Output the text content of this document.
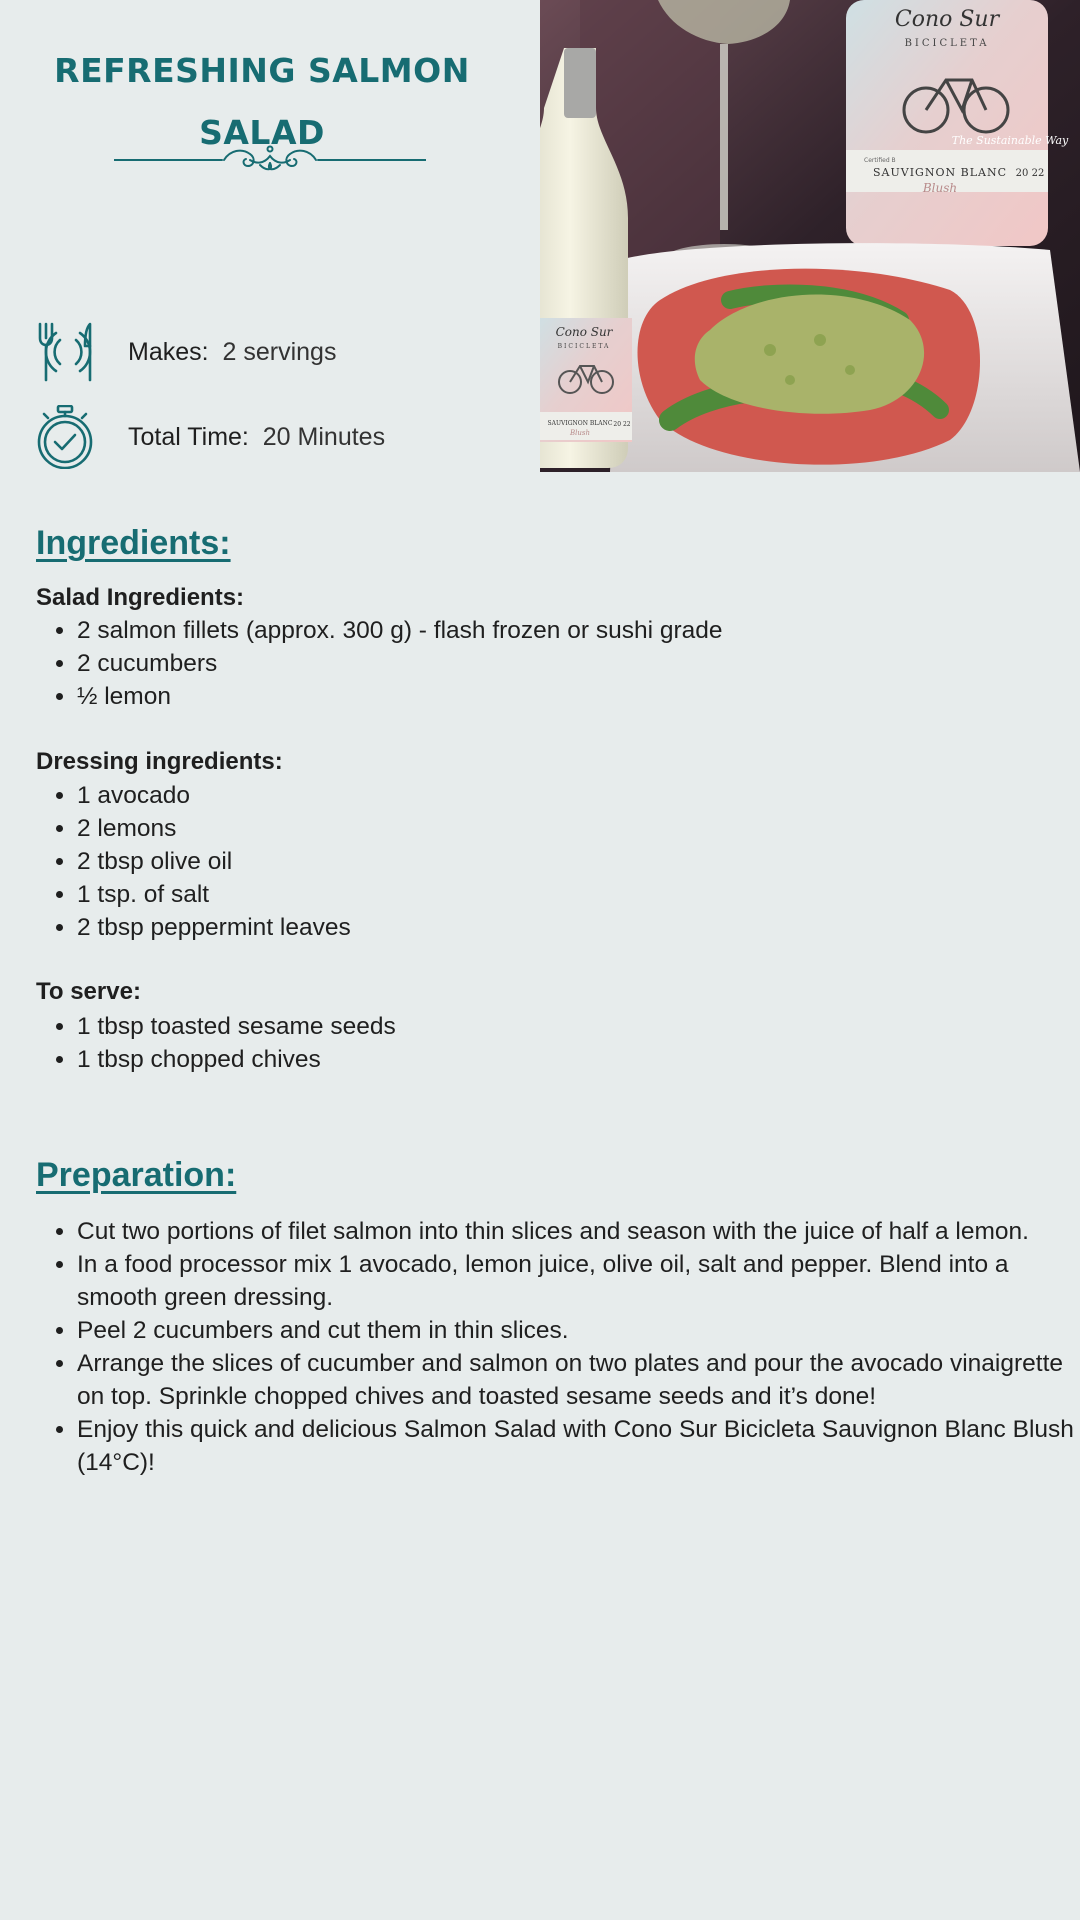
REFRESHING SALMON SALAD
Makes: 2 servings
Total Time: 20 Minutes
Cono Sur
BICICLETA
The Sustainable Way
Certified B
SAUVIGNON BLANC
Blush
20 22
Cono Sur
BICICLETA
SAUVIGNON BLANC
Blush
20 22
Ingredients:
Salad Ingredients:
• 2 salmon fillets (approx. 300 g) - flash frozen or sushi grade
• 2 cucumbers
• ½ lemon
Dressing ingredients:
• 1 avocado
• 2 lemons
• 2 tbsp olive oil
• 1 tsp. of salt
• 2 tbsp peppermint leaves
To serve:
• 1 tbsp toasted sesame seeds
• 1 tbsp chopped chives
Preparation:
• Cut two portions of filet salmon into thin slices and season with the juice of half a lemon.
• In a food processor mix 1 avocado, lemon juice, olive oil, salt and pepper. Blend into a smooth green dressing.
• Peel 2 cucumbers and cut them in thin slices.
• Arrange the slices of cucumber and salmon on two plates and pour the avocado vinaigrette on top. Sprinkle chopped chives and toasted sesame seeds and it’s done!
• Enjoy this quick and delicious Salmon Salad with Cono Sur Bicicleta Sauvignon Blanc Blush (14°C)!
